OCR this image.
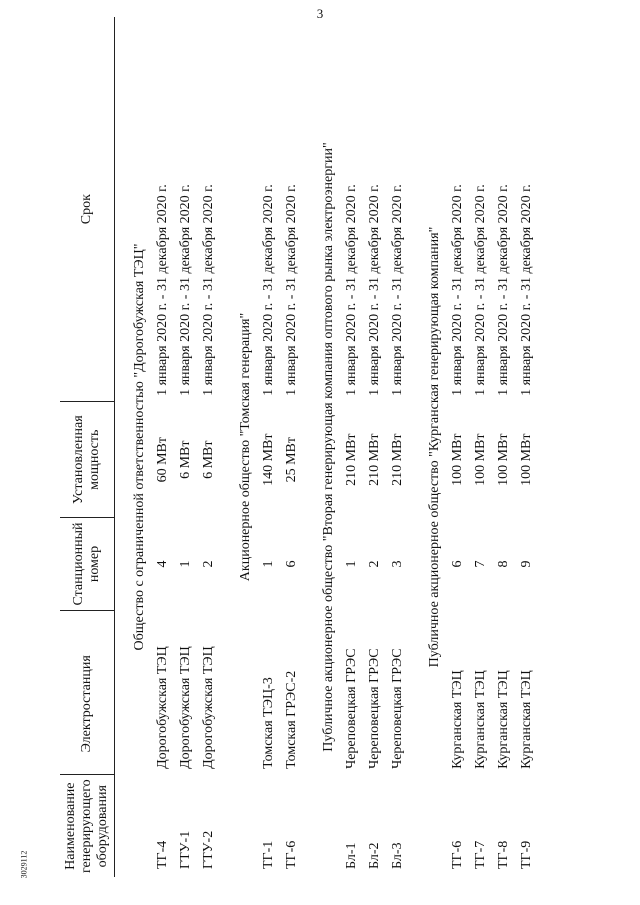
3
Наименование генерирующего оборудования	Электростанция	Станционный номер	Установленная мощность	Срок

Общество с ограниченной ответственностью "Дорогобужская ТЭЦ"				
ТГ-4	Дорогобужская ТЭЦ	4	60 МВт	1 января 2020 г. - 31 декабря 2020 г.
ГТУ-1	Дорогобужская ТЭЦ	1	6 МВт	1 января 2020 г. - 31 декабря 2020 г.
ГТУ-2	Дорогобужская ТЭЦ	2	6 МВт	1 января 2020 г. - 31 декабря 2020 г.

Акционерное общество "Томская генерация"				
ТГ-1	Томская ТЭЦ-3	1	140 МВт	1 января 2020 г. - 31 декабря 2020 г.
ТГ-6	Томская ГРЭС-2	6	25 МВт	1 января 2020 г. - 31 декабря 2020 г.

Публичное акционерное общество "Вторая генерирующая компания оптового рынка электроэнергии"				
Бл-1	Череповецкая ГРЭС	1	210 МВт	1 января 2020 г. - 31 декабря 2020 г.
Бл-2	Череповецкая ГРЭС	2	210 МВт	1 января 2020 г. - 31 декабря 2020 г.
Бл-3	Череповецкая ГРЭС	3	210 МВт	1 января 2020 г. - 31 декабря 2020 г.

Публичное акционерное общество "Курганская генерирующая компания"				
ТГ-6	Курганская ТЭЦ	6	100 МВт	1 января 2020 г. - 31 декабря 2020 г.
ТГ-7	Курганская ТЭЦ	7	100 МВт	1 января 2020 г. - 31 декабря 2020 г.
ТГ-8	Курганская ТЭЦ	8	100 МВт	1 января 2020 г. - 31 декабря 2020 г.
ТГ-9	Курганская ТЭЦ	9	100 МВт	1 января 2020 г. - 31 декабря 2020 г.
3029112
